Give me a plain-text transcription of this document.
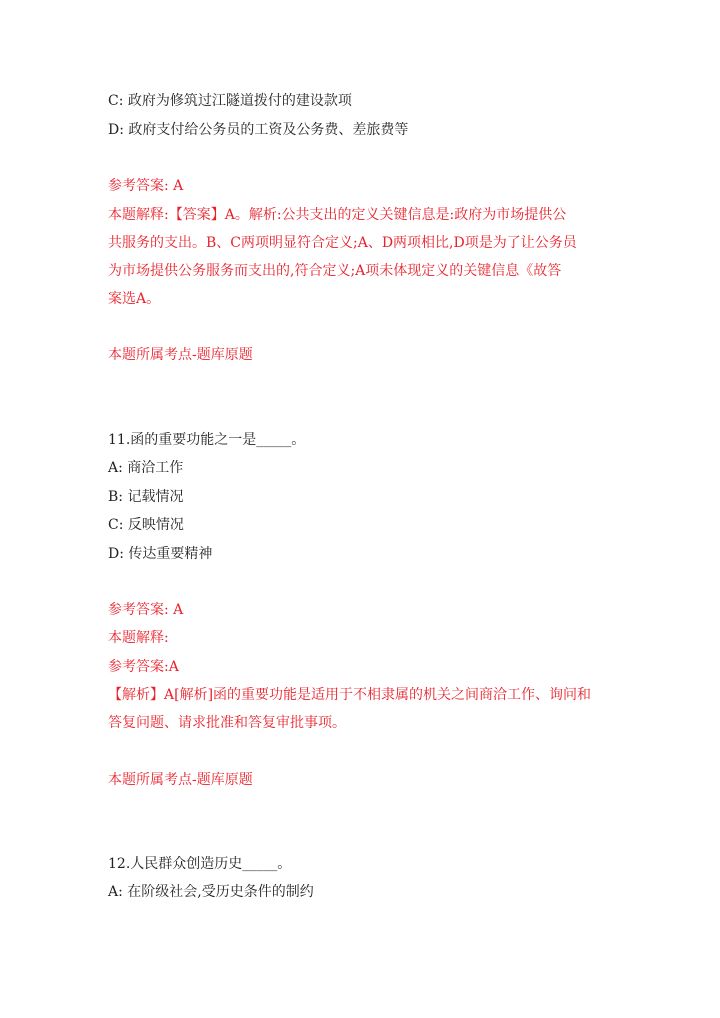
C: 政府为修筑过江隧道拨付的建设款项
D: 政府支付给公务员的工资及公务费、差旅费等
参考答案: A
本题解释:【答案】A。解析:公共支出的定义关键信息是:政府为市场提供公
共服务的支出。B、C两项明显符合定义;A、D两项相比,D项是为了让公务员
为市场提供公务服务而支出的,符合定义;A项未体现定义的关键信息《故答
案选A。
本题所属考点-题库原题
11.函的重要功能之一是_____。
A: 商洽工作
B: 记载情况
C: 反映情况
D: 传达重要精神
参考答案: A
本题解释:
参考答案:A
【解析】A[解析]函的重要功能是适用于不相隶属的机关之间商洽工作、询问和
答复问题、请求批准和答复审批事项。
本题所属考点-题库原题
12.人民群众创造历史_____。
A: 在阶级社会,受历史条件的制约
